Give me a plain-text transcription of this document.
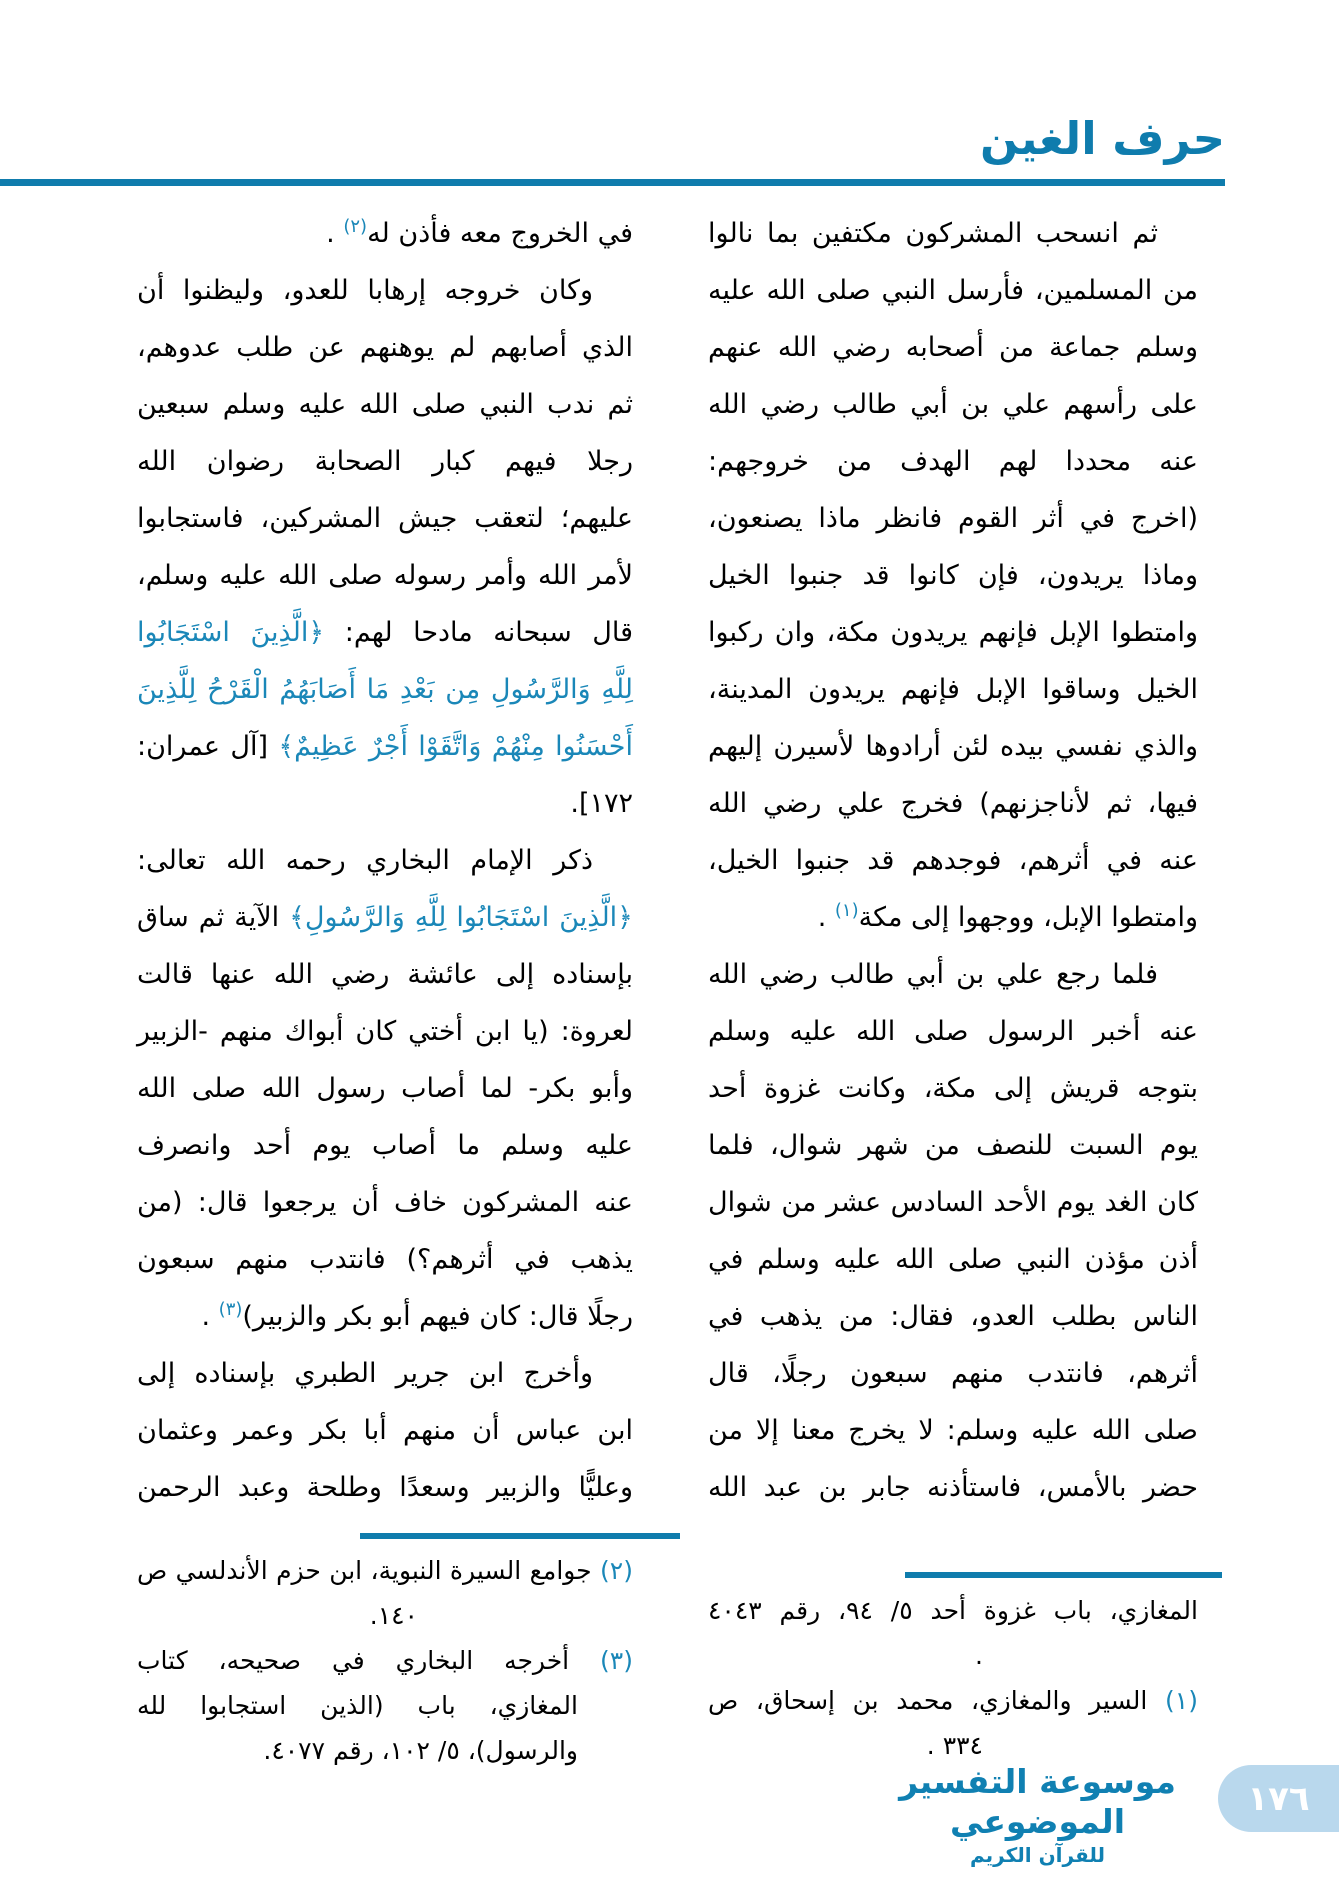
حرف الغين
ثم انسحب المشركون مكتفين بما نالوا
من المسلمين، فأرسل النبي صلى الله عليه
وسلم جماعة من أصحابه رضي الله عنهم
على رأسهم علي بن أبي طالب رضي الله
عنه محددا لهم الهدف من خروجهم:
(اخرج في أثر القوم فانظر ماذا يصنعون،
وماذا يريدون، فإن كانوا قد جنبوا الخيل
وامتطوا الإبل فإنهم يريدون مكة، وان ركبوا
الخيل وساقوا الإبل فإنهم يريدون المدينة،
والذي نفسي بيده لئن أرادوها لأسيرن إليهم
فيها، ثم لأناجزنهم) فخرج علي رضي الله
عنه في أثرهم، فوجدهم قد جنبوا الخيل،
وامتطوا الإبل، ووجهوا إلى مكة$^{(١)}$ .
فلما رجع علي بن أبي طالب رضي الله
عنه أخبر الرسول صلى الله عليه وسلم
بتوجه قريش إلى مكة، وكانت غزوة أحد
يوم السبت للنصف من شهر شوال، فلما
كان الغد يوم الأحد السادس عشر من شوال
أذن مؤذن النبي صلى الله عليه وسلم في
الناس بطلب العدو، فقال: من يذهب في
أثرهم، فانتدب منهم سبعون رجلًا، قال
صلى الله عليه وسلم: لا يخرج معنا إلا من
حضر بالأمس، فاستأذنه جابر بن عبد الله
في الخروج معه فأذن له$^{(٢)}$ .
وكان خروجه إرهابا للعدو، وليظنوا أن
الذي أصابهم لم يوهنهم عن طلب عدوهم،
ثم ندب النبي صلى الله عليه وسلم سبعين
رجلا فيهم كبار الصحابة رضوان الله
عليهم؛ لتعقب جيش المشركين، فاستجابوا
لأمر الله وأمر رسوله صلى الله عليه وسلم،
قال سبحانه مادحا لهم: ﴿الَّذِينَ اسْتَجَابُوا
لِلَّهِ وَالرَّسُولِ مِن بَعْدِ مَا أَصَابَهُمُ الْقَرْحُ لِلَّذِينَ
أَحْسَنُوا مِنْهُمْ وَاتَّقَوْا أَجْرٌ عَظِيمٌ﴾ [آل عمران:
١٧٢].
ذكر الإمام البخاري رحمه الله تعالى:
﴿الَّذِينَ اسْتَجَابُوا لِلَّهِ وَالرَّسُولِ﴾ الآية ثم ساق
بإسناده إلى عائشة رضي الله عنها قالت
لعروة: (يا ابن أختي كان أبواك منهم -الزبير
وأبو بكر- لما أصاب رسول الله صلى الله
عليه وسلم ما أصاب يوم أحد وانصرف
عنه المشركون خاف أن يرجعوا قال: (من
يذهب في أثرهم؟) فانتدب منهم سبعون
رجلًا قال: كان فيهم أبو بكر والزبير)$^{(٣)}$ .
وأخرج ابن جرير الطبري بإسناده إلى
ابن عباس أن منهم أبا بكر وعمر وعثمان
وعليًّا والزبير وسعدًا وطلحة وعبد الرحمن
المغازي، باب غزوة أحد ٥/ ٩٤، رقم ٤٠٤٣
.
(١) السير والمغازي، محمد بن إسحاق، ص
٣٣٤ .
(٢) جوامع السيرة النبوية، ابن حزم الأندلسي ص
١٤٠.
(٣) أخرجه البخاري في صحيحه، كتاب
المغازي، باب (الذين استجابوا لله
والرسول)، ٥/ ١٠٢، رقم ٤٠٧٧.
موسوعة التفسير الموضوعي
للقرآن الكريم
١٧٦
